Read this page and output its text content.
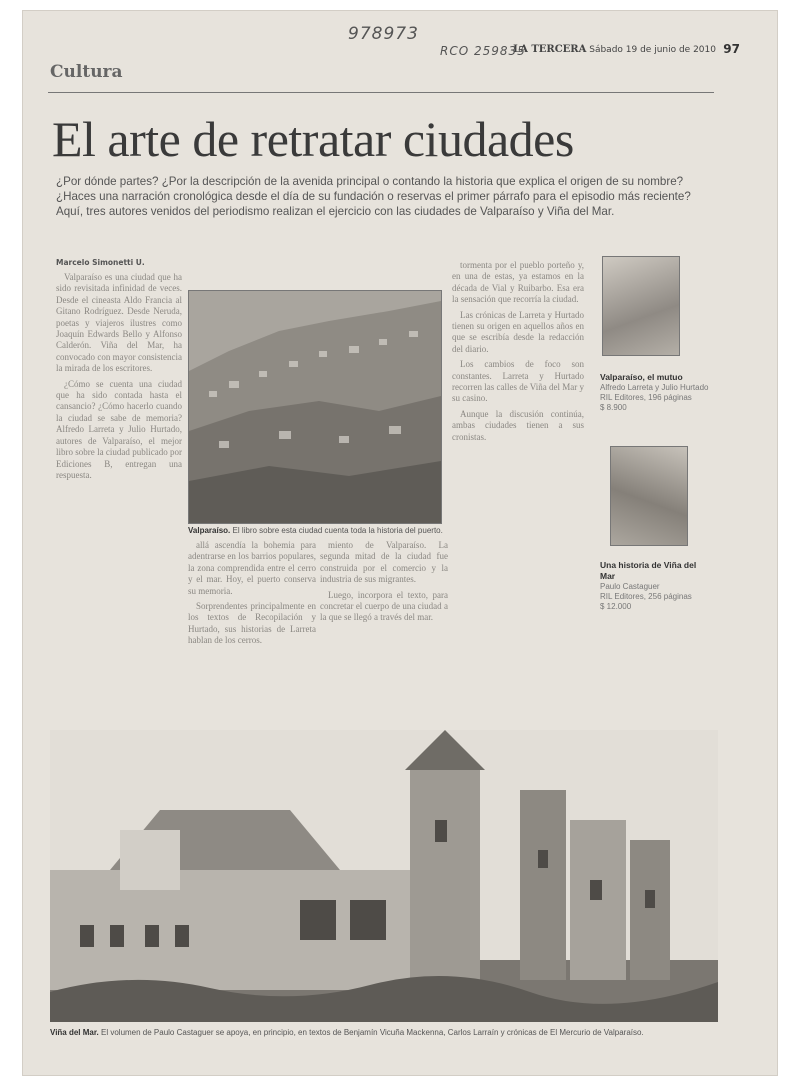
978973
RCO 259835
LA TERCERA Sábado 19 de junio de 2010 97
Cultura
El arte de retratar ciudades
¿Por dónde partes? ¿Por la descripción de la avenida principal o contando la historia que explica el origen de su nombre? ¿Haces una narración cronológica desde el día de su fundación o reservas el primer párrafo para el episodio más reciente? Aquí, tres autores venidos del periodismo realizan el ejercicio con las ciudades de Valparaíso y Viña del Mar.
Marcelo Simonetti U.

Valparaíso es una ciudad que ha sido revisitada infinidad de veces. Desde el cineasta Aldo Francia al Gitano Rodríguez. Desde Neruda, poetas y viajeros ilustres como Joaquín Edwards Bello y Alfonso Calderón. Viña del Mar, ha convocado con mayor consistencia la mirada de los escritores.

¿Cómo se cuenta una ciudad que ha sido contada hasta el cansancio? ¿Cómo hacerlo cuando la ciudad se sabe de memoria? Alfredo Larreta y Julio Hurtado, autores de Valparaíso, el mejor libro sobre la ciudad publicado por Ediciones B, entregan una respuesta.

Valparaíso. El libro sobre esta ciudad cuenta toda la historia del puerto.

allá ascendía la bohemia para adentrarse en los barrios populares, la zona comprendida entre el cerro y el mar. Hoy, el puerto conserva su memoria.

Sorprendentes principalmente en los textos de Recopilación y Hurtado, sus historias de Larreta hablan de los cerros.

miento de Valparaíso. La segunda mitad de la ciudad fue construida por el comercio y la industria de sus migrantes.

Luego, incorpora el texto, para concretar el cuerpo de una ciudad a la que se llegó a través del mar.

tormenta por el pueblo porteño y, en una de estas, ya estamos en la década de Vial y Ruibarbo. Esa era la sensación que recorría la ciudad.

Las crónicas de Larreta y Hurtado tienen su origen en aquellos años en que se escribía desde la redacción del diario.

Los cambios de foco son constantes. Larreta y Hurtado recorren las calles de Viña del Mar y su casino.

Aunque la discusión continúa, ambas ciudades tienen a sus cronistas.

Valparaíso, el mutuo
Alfredo Larreta y Julio Hurtado
RIL Editores, 196 páginas
$ 8.900
Una historia de Viña del Mar
Paulo Castaguer
RIL Editores, 256 páginas
$ 12.000
Viña del Mar. El volumen de Paulo Castaguer se apoya, en principio, en textos de Benjamín Vicuña Mackenna, Carlos Larraín y crónicas de El Mercurio de Valparaíso.
